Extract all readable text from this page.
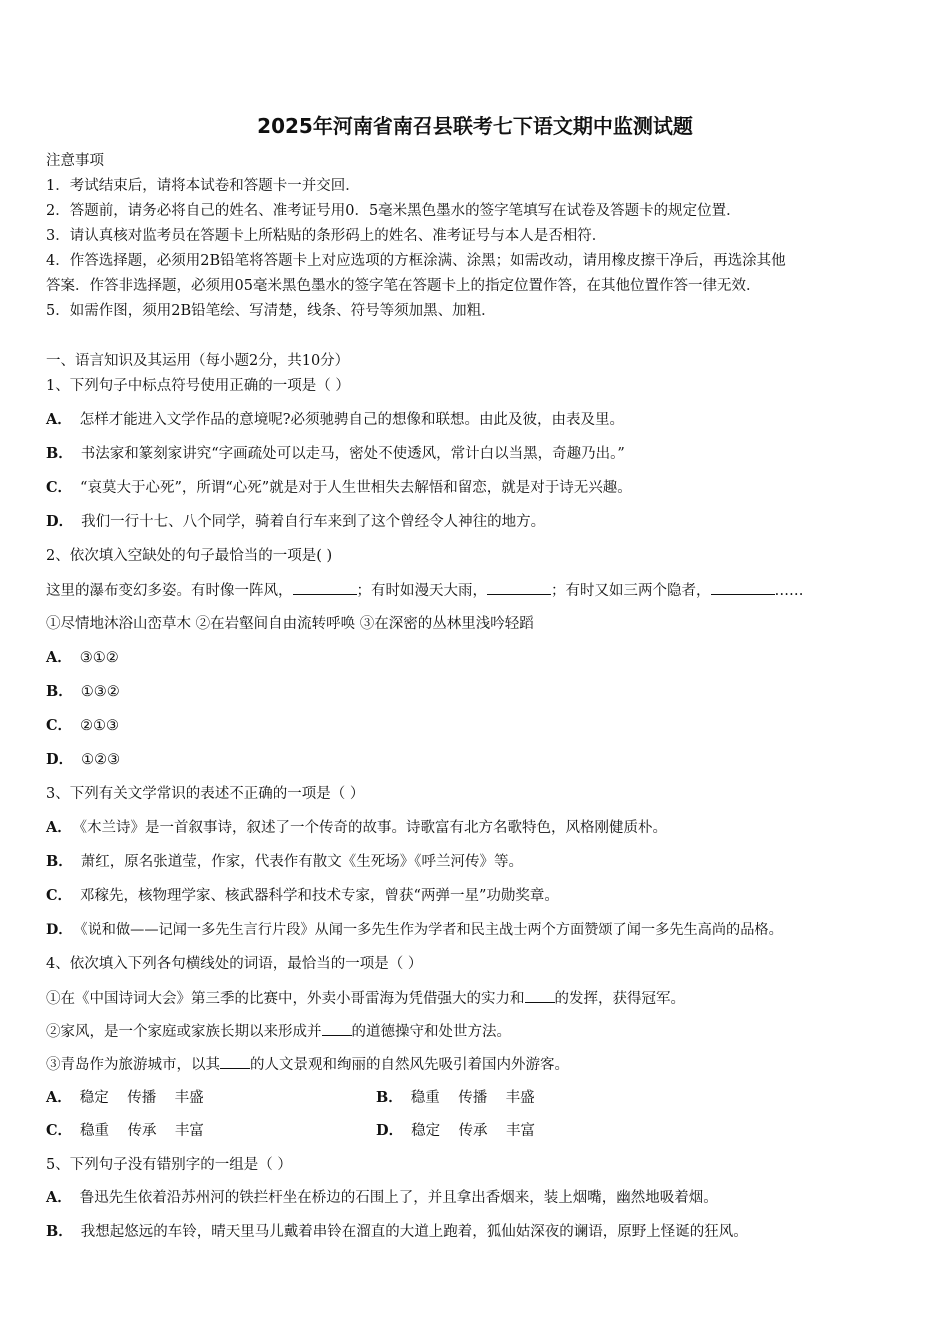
2025年河南省南召县联考七下语文期中监测试题
注意事项
1．考试结束后，请将本试卷和答题卡一并交回．
2．答题前，请务必将自己的姓名、准考证号用0．5毫米黑色墨水的签字笔填写在试卷及答题卡的规定位置．
3．请认真核对监考员在答题卡上所粘贴的条形码上的姓名、准考证号与本人是否相符．
4．作答选择题，必须用2B铅笔将答题卡上对应选项的方框涂满、涂黑；如需改动，请用橡皮擦干净后，再选涂其他
答案．作答非选择题，必须用05毫米黑色墨水的签字笔在答题卡上的指定位置作答，在其他位置作答一律无效．
5．如需作图，须用2B铅笔绘、写清楚，线条、符号等须加黑、加粗．
一、语言知识及其运用（每小题2分，共10分）
1、下列句子中标点符号使用正确的一项是（ ）
A． 怎样才能进入文学作品的意境呢?必须驰骋自己的想像和联想。由此及彼，由表及里。
B． 书法家和篆刻家讲究“字画疏处可以走马，密处不使透风，常计白以当黑，奇趣乃出。”
C． “哀莫大于心死”，所谓“心死”就是对于人生世相失去解悟和留恋，就是对于诗无兴趣。
D． 我们一行十七、八个同学，骑着自行车来到了这个曾经令人神往的地方。
2、依次填入空缺处的句子最恰当的一项是( )
这里的瀑布变幻多姿。有时像一阵风，	；有时如漫天大雨，	；有时又如三两个隐者，	……
①尽情地沐浴山峦草木 ②在岩壑间自由流转呼唤 ③在深密的丛林里浅吟轻蹈
A． ③①②
B． ①③②
C． ②①③
D． ①②③
3、下列有关文学常识的表述不正确的一项是（ ）
A． 《木兰诗》是一首叙事诗，叙述了一个传奇的故事。诗歌富有北方名歌特色，风格刚健质朴。
B． 萧红，原名张道莹，作家，代表作有散文《生死场》《呼兰河传》等。
C． 邓稼先，核物理学家、核武器科学和技术专家，曾获“两弹一星”功勋奖章。
D． 《说和做——记闻一多先生言行片段》从闻一多先生作为学者和民主战士两个方面赞颂了闻一多先生高尚的品格。
4、依次填入下列各句横线处的词语，最恰当的一项是（ ）
①在《中国诗词大会》第三季的比赛中，外卖小哥雷海为凭借强大的实力和 的发挥，获得冠军。
②家风，是一个家庭或家族长期以来形成并 的道德操守和处世方法。
③青岛作为旅游城市，以其 的人文景观和绚丽的自然风先吸引着国内外游客。
A． 稳定    传播    丰盛	B． 稳重    传播    丰盛
C． 稳重    传承    丰富	D． 稳定    传承    丰富
5、下列句子没有错别字的一组是（ ）
A． 鲁迅先生依着沿苏州河的铁拦杆坐在桥边的石围上了，并且拿出香烟来，装上烟嘴，幽然地吸着烟。
B． 我想起悠远的车铃，晴天里马儿戴着串铃在溜直的大道上跑着，狐仙姑深夜的谰语，原野上怪诞的狂风。
